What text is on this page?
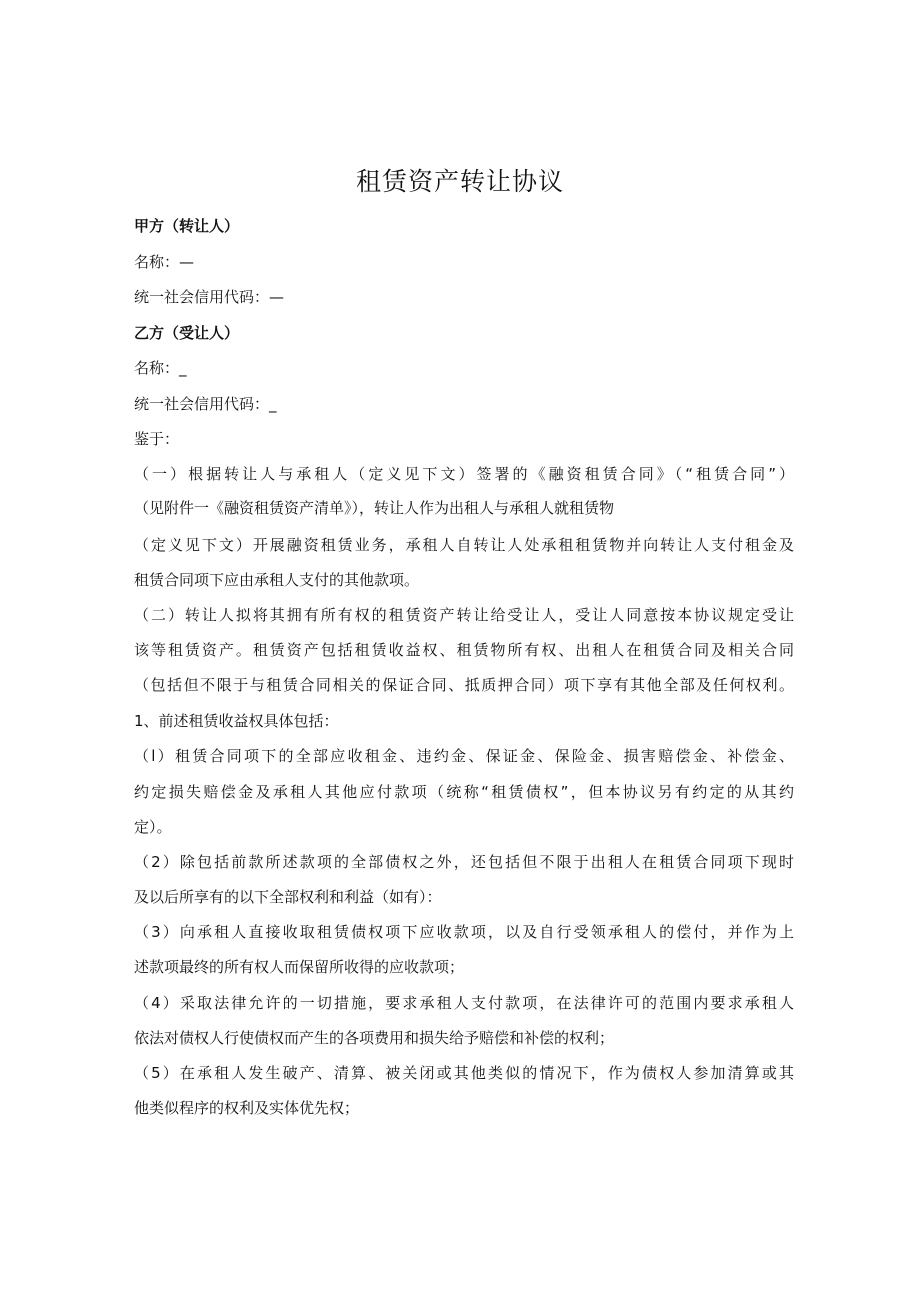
租赁资产转让协议

甲方（转让人）

名称：—

统一社会信用代码：—

乙方（受让人）

名称：_

统一社会信用代码：_

鉴于：

（一）根据转让人与承租人（定义见下文）签署的《融资租赁合同》（“租赁合同”）

（见附件一《融资租赁资产清单》），转让人作为出租人与承租人就租赁物

（定义见下文）开展融资租赁业务，承租人自转让人处承租租赁物并向转让人支付租金及

租赁合同项下应由承租人支付的其他款项。

（二）转让人拟将其拥有所有权的租赁资产转让给受让人，受让人同意按本协议规定受让

该等租赁资产。租赁资产包括租赁收益权、租赁物所有权、出租人在租赁合同及相关合同

（包括但不限于与租赁合同相关的保证合同、抵质押合同）项下享有其他全部及任何权利。

1、前述租赁收益权具体包括：

（l）租赁合同项下的全部应收租金、违约金、保证金、保险金、损害赔偿金、补偿金、

约定损失赔偿金及承租人其他应付款项（统称“租赁债权”，但本协议另有约定的从其约

定）。

（2）除包括前款所述款项的全部债权之外，还包括但不限于出租人在租赁合同项下现时

及以后所享有的以下全部权利和利益（如有）：

（3）向承租人直接收取租赁债权项下应收款项，以及自行受领承租人的偿付，并作为上

述款项最终的所有权人而保留所收得的应收款项；

（4）采取法律允许的一切措施，要求承租人支付款项，在法律许可的范围内要求承租人

依法对债权人行使债权而产生的各项费用和损失给予赔偿和补偿的权利；

（5）在承租人发生破产、清算、被关闭或其他类似的情况下，作为债权人参加清算或其

他类似程序的权利及实体优先权；
